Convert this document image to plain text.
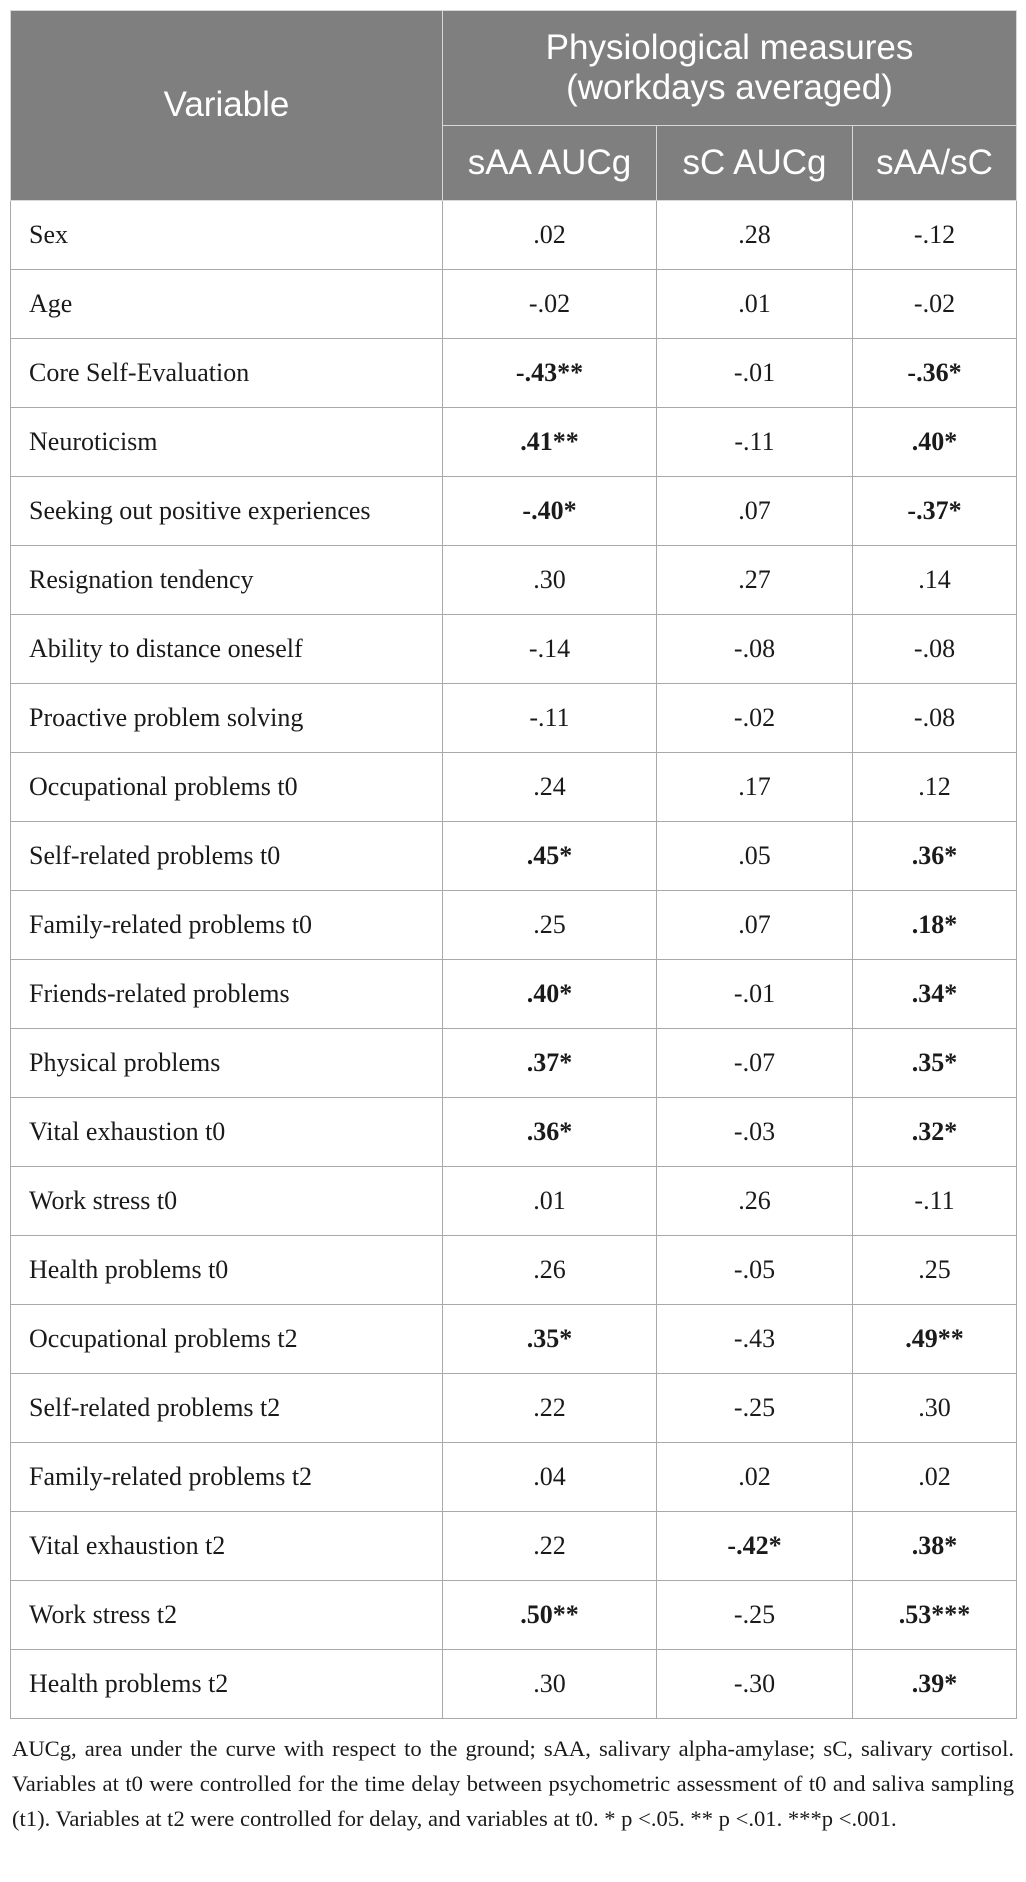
Variable	Physiological measures (workdays averaged)		
	sAA AUCg	sC AUCg	sAA/sC
Sex	.02	.28	-.12
Age	-.02	.01	-.02
Core Self-Evaluation	-.43**	-.01	-.36*
Neuroticism	.41**	-.11	.40*
Seeking out positive experiences	-.40*	.07	-.37*
Resignation tendency	.30	.27	.14
Ability to distance oneself	-.14	-.08	-.08
Proactive problem solving	-.11	-.02	-.08
Occupational problems t0	.24	.17	.12
Self-related problems t0	.45*	.05	.36*
Family-related problems t0	.25	.07	.18*
Friends-related problems	.40*	-.01	.34*
Physical problems	.37*	-.07	.35*
Vital exhaustion t0	.36*	-.03	.32*
Work stress t0	.01	.26	-.11
Health problems t0	.26	-.05	.25
Occupational problems t2	.35*	-.43	.49**
Self-related problems t2	.22	-.25	.30
Family-related problems t2	.04	.02	.02
Vital exhaustion t2	.22	-.42*	.38*
Work stress t2	.50**	-.25	.53***
Health problems t2	.30	-.30	.39*
AUCg, area under the curve with respect to the ground; sAA, salivary alpha-amylase; sC, salivary cortisol. Variables at t0 were controlled for the time delay between psychometric assessment of t0 and saliva sampling (t1). Variables at t2 were controlled for delay, and variables at t0. * p <.05. ** p <.01. ***p <.001.
